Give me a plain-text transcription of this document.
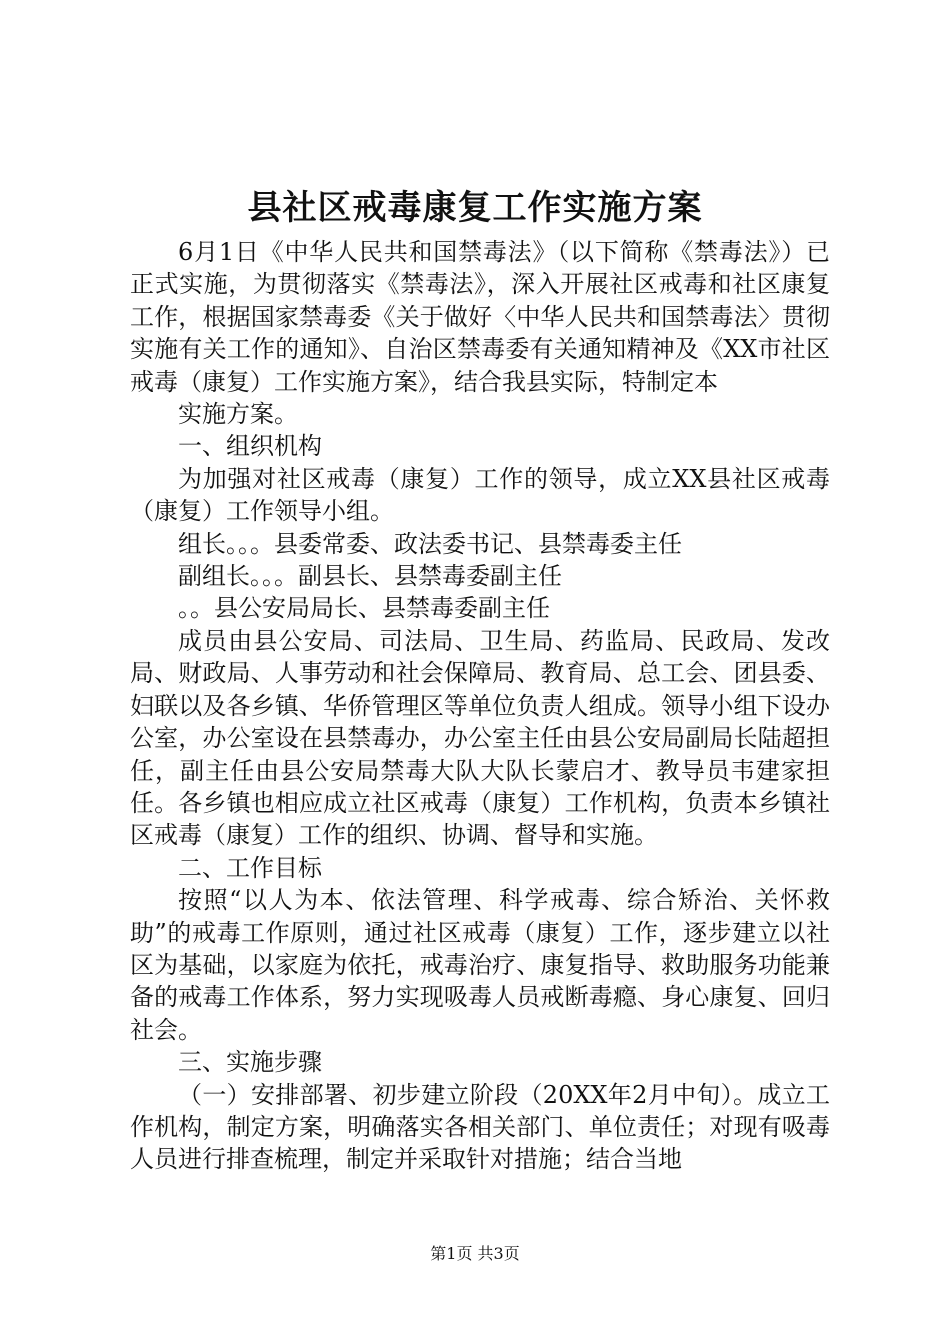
县社区戒毒康复工作实施方案

6月1日《中华人民共和国禁毒法》（以下简称《禁毒法》）已正式实施，为贯彻落实《禁毒法》，深入开展社区戒毒和社区康复工作，根据国家禁毒委《关于做好〈中华人民共和国禁毒法〉贯彻实施有关工作的通知》、自治区禁毒委有关通知精神及《XX市社区戒毒（康复）工作实施方案》，结合我县实际，特制定本

实施方案。

一、组织机构

为加强对社区戒毒（康复）工作的领导，成立XX县社区戒毒（康复）工作领导小组。

组长。。。县委常委、政法委书记、县禁毒委主任

副组长。。。副县长、县禁毒委副主任

。。县公安局局长、县禁毒委副主任

成员由县公安局、司法局、卫生局、药监局、民政局、发改局、财政局、人事劳动和社会保障局、教育局、总工会、团县委、妇联以及各乡镇、华侨管理区等单位负责人组成。领导小组下设办公室，办公室设在县禁毒办，办公室主任由县公安局副局长陆超担任，副主任由县公安局禁毒大队大队长蒙启才、教导员韦建家担任。各乡镇也相应成立社区戒毒（康复）工作机构，负责本乡镇社区戒毒（康复）工作的组织、协调、督导和实施。

二、工作目标

按照“以人为本、依法管理、科学戒毒、综合矫治、关怀救助”的戒毒工作原则，通过社区戒毒（康复）工作，逐步建立以社区为基础，以家庭为依托，戒毒治疗、康复指导、救助服务功能兼备的戒毒工作体系，努力实现吸毒人员戒断毒瘾、身心康复、回归社会。

三、实施步骤

（一）安排部署、初步建立阶段（20XX年2月中旬）。成立工作机构，制定方案，明确落实各相关部门、单位责任；对现有吸毒人员进行排查梳理，制定并采取针对措施；结合当地

第1页 共3页
